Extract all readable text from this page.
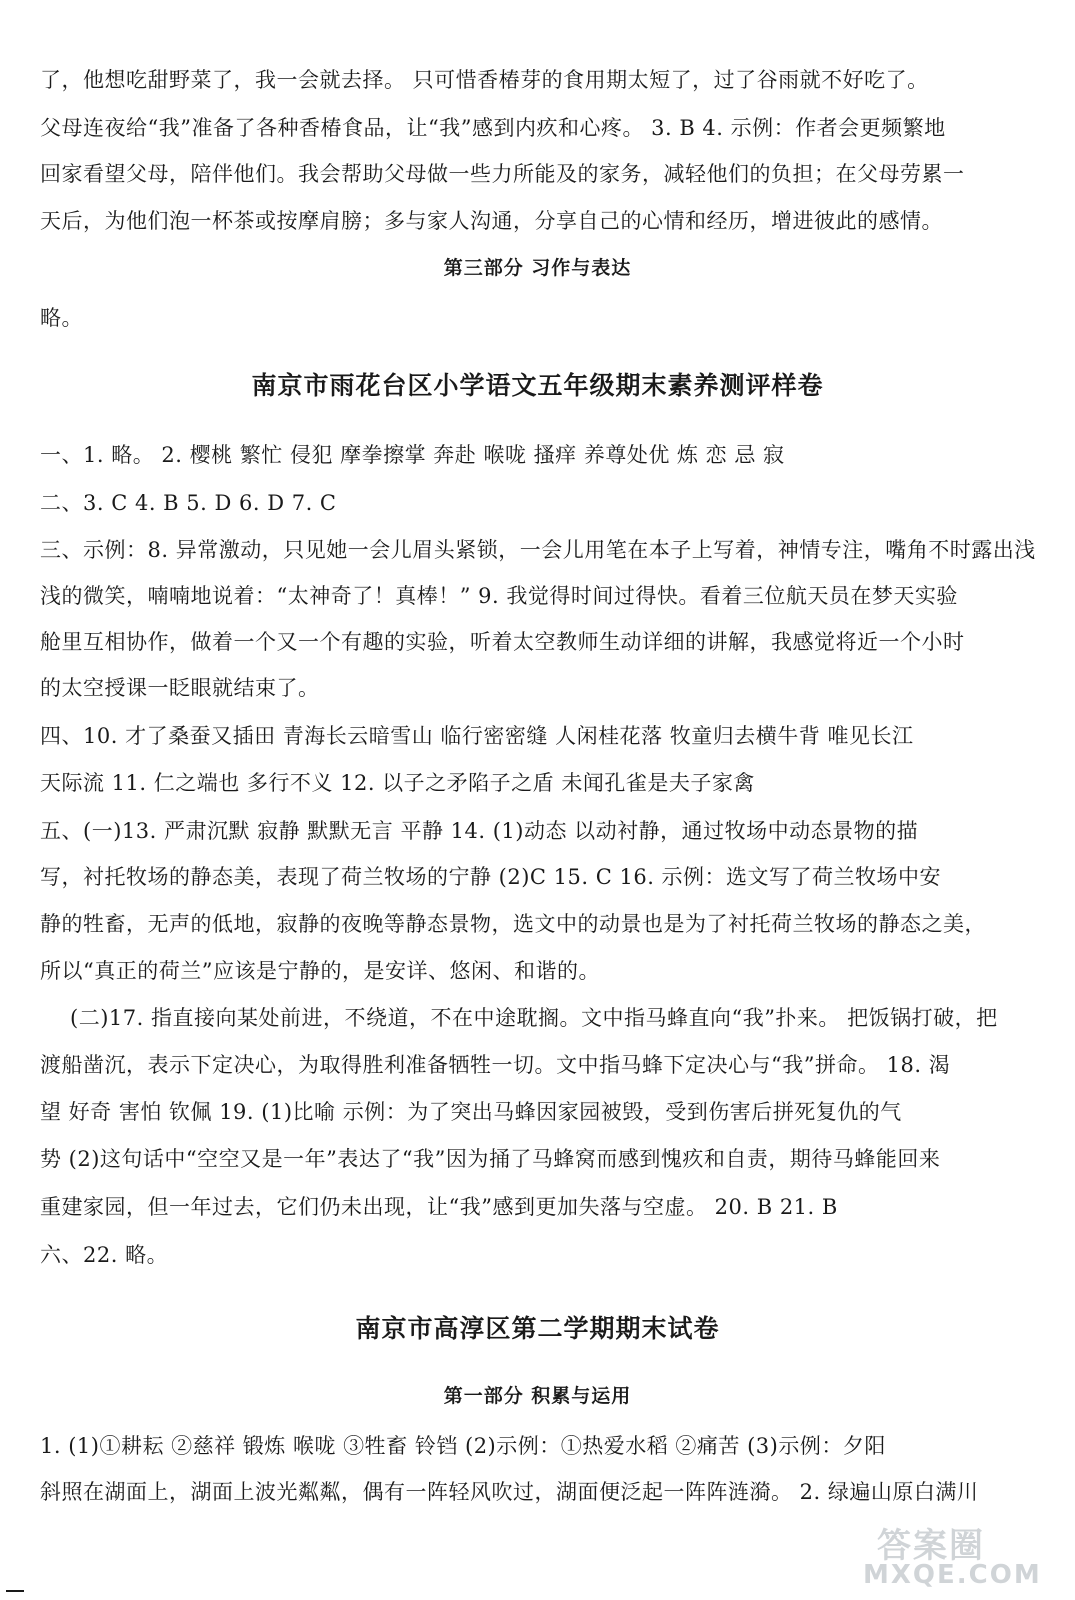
了，他想吃甜野菜了，我一会就去择。 只可惜香椿芽的食用期太短了，过了谷雨就不好吃了。
父母连夜给“我”准备了各种香椿食品，让“我”感到内疚和心疼。 3. B 4. 示例：作者会更频繁地
回家看望父母，陪伴他们。我会帮助父母做一些力所能及的家务，减轻他们的负担；在父母劳累一
天后，为他们泡一杯茶或按摩肩膀；多与家人沟通，分享自己的心情和经历，增进彼此的感情。
第三部分 习作与表达
略。
南京市雨花台区小学语文五年级期末素养测评样卷
一、1. 略。 2. 樱桃 繁忙 侵犯 摩拳擦掌 奔赴 喉咙 搔痒 养尊处优 炼 恋 忌 寂
二、3. C 4. B 5. D 6. D 7. C
三、示例：8. 异常激动，只见她一会儿眉头紧锁，一会儿用笔在本子上写着，神情专注，嘴角不时露出浅
浅的微笑，喃喃地说着：“太神奇了！真棒！” 9. 我觉得时间过得快。看着三位航天员在梦天实验
舱里互相协作，做着一个又一个有趣的实验，听着太空教师生动详细的讲解，我感觉将近一个小时
的太空授课一眨眼就结束了。
四、10. 才了桑蚕又插田 青海长云暗雪山 临行密密缝 人闲桂花落 牧童归去横牛背 唯见长江
天际流 11. 仁之端也 多行不义 12. 以子之矛陷子之盾 未闻孔雀是夫子家禽
五、(一)13. 严肃沉默 寂静 默默无言 平静 14. (1)动态 以动衬静，通过牧场中动态景物的描
写，衬托牧场的静态美，表现了荷兰牧场的宁静 (2)C 15. C 16. 示例：选文写了荷兰牧场中安
静的牲畜，无声的低地，寂静的夜晚等静态景物，选文中的动景也是为了衬托荷兰牧场的静态之美，
所以“真正的荷兰”应该是宁静的，是安详、悠闲、和谐的。
(二)17. 指直接向某处前进，不绕道，不在中途耽搁。文中指马蜂直向“我”扑来。 把饭锅打破，把
渡船凿沉，表示下定决心，为取得胜利准备牺牲一切。文中指马蜂下定决心与“我”拼命。 18. 渴
望 好奇 害怕 钦佩 19. (1)比喻 示例：为了突出马蜂因家园被毁，受到伤害后拼死复仇的气
势 (2)这句话中“空空又是一年”表达了“我”因为捅了马蜂窝而感到愧疚和自责，期待马蜂能回来
重建家园，但一年过去，它们仍未出现，让“我”感到更加失落与空虚。 20. B 21. B
六、22. 略。
南京市高淳区第二学期期末试卷
第一部分 积累与运用
1. (1)①耕耘 ②慈祥 锻炼 喉咙 ③牲畜 铃铛 (2)示例：①热爱水稻 ②痛苦 (3)示例：夕阳
斜照在湖面上，湖面上波光粼粼，偶有一阵轻风吹过，湖面便泛起一阵阵涟漪。 2. 绿遍山原白满川
答案圈
MXQE.COM
